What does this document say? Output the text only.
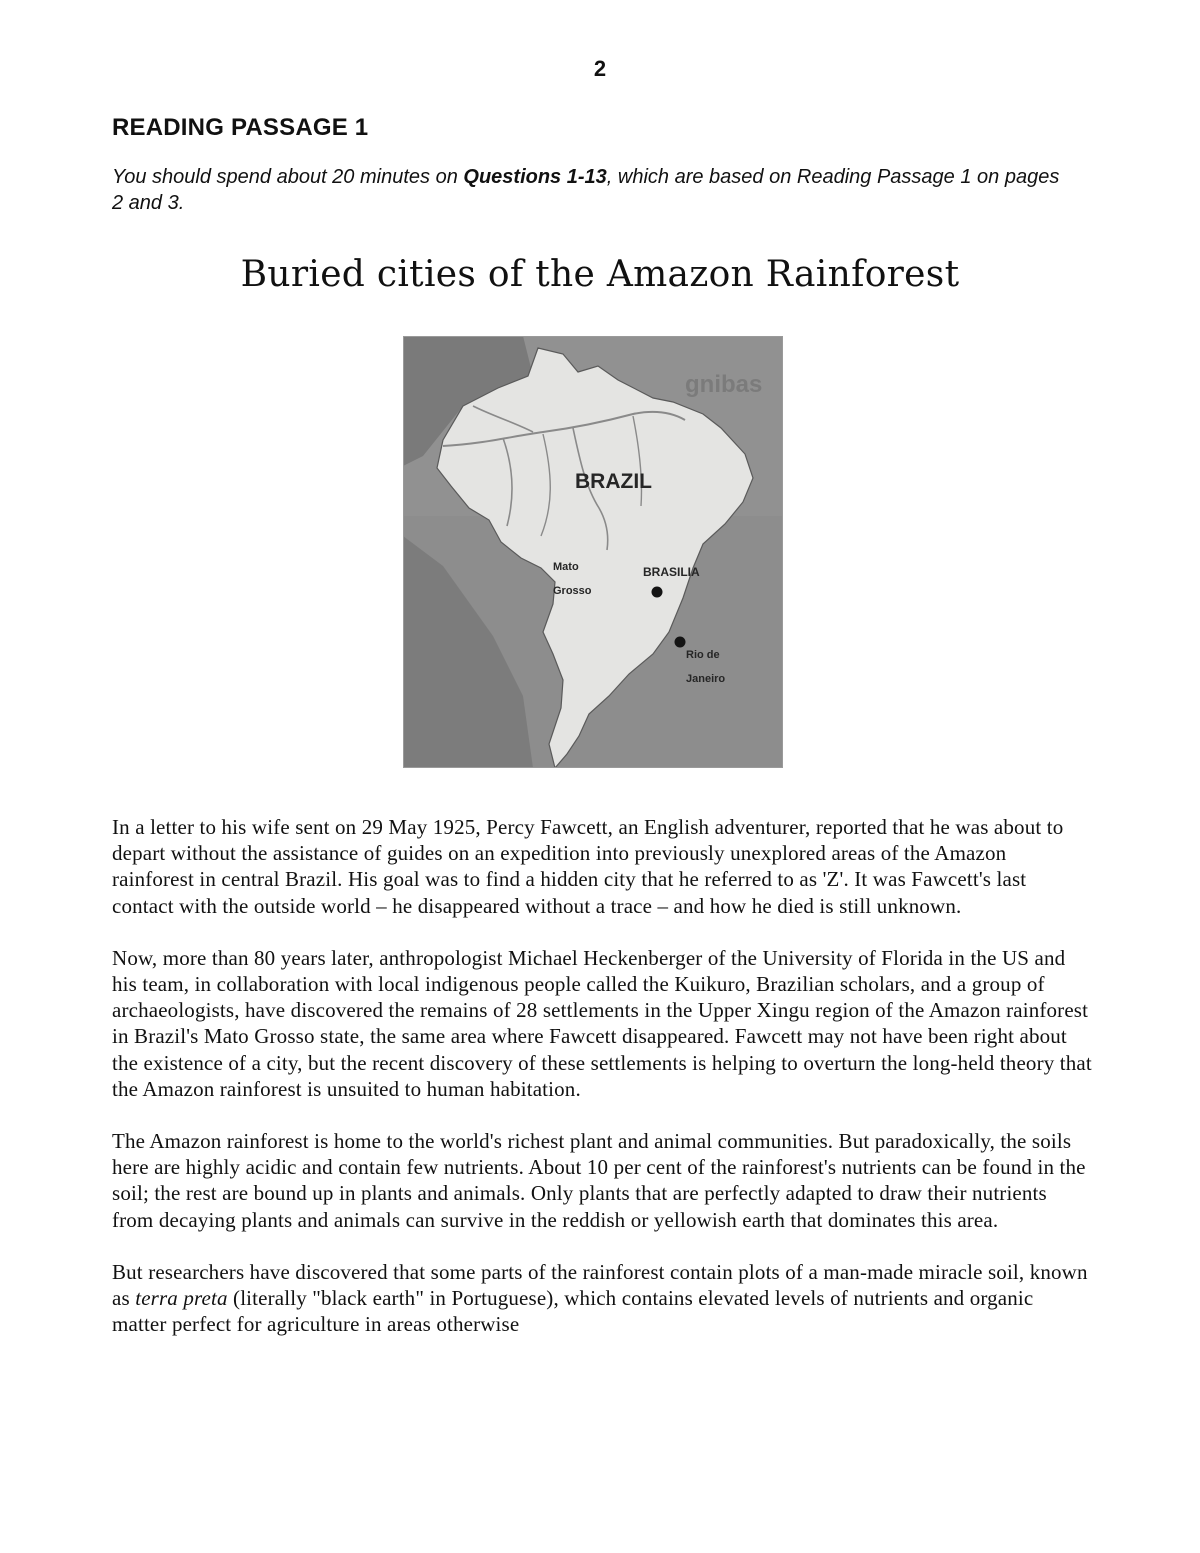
2
READING PASSAGE 1
You should spend about 20 minutes on Questions 1-13, which are based on Reading Passage 1 on pages 2 and 3.
Buried cities of the Amazon Rainforest
BRAZIL
Mato
Grosso
BRASILIA
Rio de
Janeiro
gnibas

In a letter to his wife sent on 29 May 1925, Percy Fawcett, an English adventurer, reported that he was about to depart without the assistance of guides on an expedition into previously unexplored areas of the Amazon rainforest in central Brazil. His goal was to find a hidden city that he referred to as 'Z'. It was Fawcett's last contact with the outside world – he disappeared without a trace – and how he died is still unknown.

Now, more than 80 years later, anthropologist Michael Heckenberger of the University of Florida in the US and his team, in collaboration with local indigenous people called the Kuikuro, Brazilian scholars, and a group of archaeologists, have discovered the remains of 28 settlements in the Upper Xingu region of the Amazon rainforest in Brazil's Mato Grosso state, the same area where Fawcett disappeared. Fawcett may not have been right about the existence of a city, but the recent discovery of these settlements is helping to overturn the long-held theory that the Amazon rainforest is unsuited to human habitation.

The Amazon rainforest is home to the world's richest plant and animal communities. But paradoxically, the soils here are highly acidic and contain few nutrients. About 10 per cent of the rainforest's nutrients can be found in the soil; the rest are bound up in plants and animals. Only plants that are perfectly adapted to draw their nutrients from decaying plants and animals can survive in the reddish or yellowish earth that dominates this area.

But researchers have discovered that some parts of the rainforest contain plots of a man-made miracle soil, known as terra preta (literally "black earth" in Portuguese), which contains elevated levels of nutrients and organic matter perfect for agriculture in areas otherwise
